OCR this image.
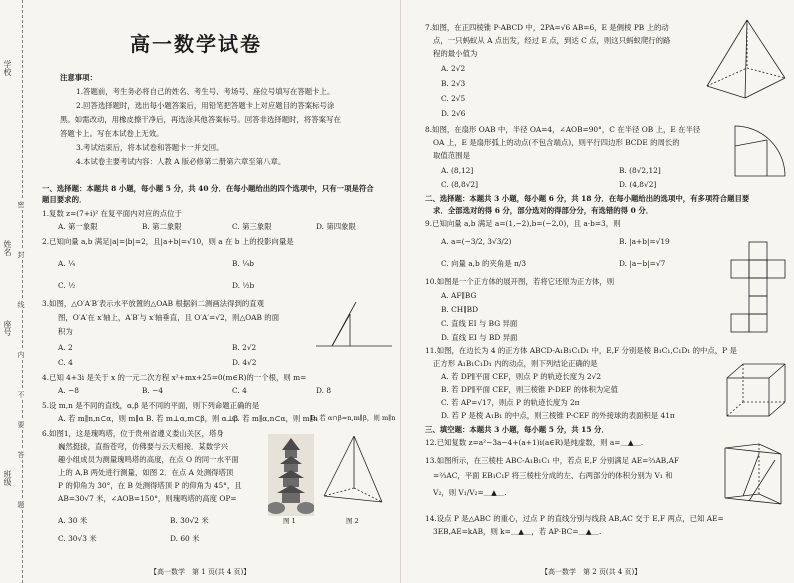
学校
姓名
座号
班级
密
封
线
内
不
要
答
题
高一数学试卷
注意事项：
1.答题前，考生务必将自己的姓名、考生号、考场号、座位号填写在答题卡上。
2.回答选择题时，选出每小题答案后，用铅笔把答题卡上对应题目的答案标号涂
黑。如需改动，用橡皮擦干净后，再选涂其他答案标号。回答非选择题时，将答案写在
答题卡上。写在本试卷上无效。
3.考试结束后，将本试卷和答题卡一并交回。
4.本试卷主要考试内容：人教 A 版必修第二册第六章至第八章。
一、选择题：本题共 8 小题，每小题 5 分，共 40 分．在每小题给出的四个选项中，只有一项是符合
题目要求的．
1.复数 z=(7+i)² 在复平面内对应的点位于
A. 第一象限	B. 第二象限	C. 第三象限	D. 第四象限
2.已知向量 a,b 满足|a|=|b|=2，且|a+b|=√10，则 a 在 b 上的投影向量是
A. ¼	B. ¼b
C. ½	D. ½b
3.如图，△O′A′B′表示水平放置的△OAB 根据斜二测画法得到的直观
图，O′A′在 x′轴上，A′B′与 x′轴垂直，且 O′A′=√2，则△OAB 的面
积为
A. 2	B. 2√2
C. 4	D. 4√2
4.已知 4+3i 是关于 x 的一元二次方程 x²+mx+25=0(m∈R)的一个根，则 m=
A. −8	B. −4	C. 4	D. 8
5.设 m,n 是不同的直线，α,β 是不同的平面，则下列命题正确的是
A. 若 m∥n,n⊂α，则 m∥α B. 若 m⊥α,m⊂β，则 α⊥β
C. 若 m∥α,n⊂α，则 m∥n
D. 若 α∩β=n,m∥β，则 m∥n
6.如图1，这是瑰鸣塔，位于贵州省遵义娄山关区，塔身
巍然挺拔，直指苍穹，仿佛要与云天相接．某数学兴
趣小组成员为测量瑰鸣塔的高度，在点 O 的同一水平面
上的 A,B 两处进行测量，如图 2．在点 A 处测得塔顶
P 的仰角为 30°，在 B 处测得塔顶 P 的仰角为 45°，且
AB=30√7 米，∠AOB=150°，则瑰鸣塔的高度 OP=
A. 30 米	B. 30√2 米
C. 30√3 米	D. 60 米
图 1	图 2
【高一数学　第 1 页(共 4 页)】
7.如图，在正四棱锥 P-ABCD 中，2PA=√6 AB=6，E 是侧棱 PB 上的动
点，一只蚂蚁从 A 点出发，经过 E 点，到达 C 点，则这只蚂蚁爬行的路
程的最小值为
A. 2√2
B. 2√3
C. 2√5
D. 2√6
8.如图，在扇形 OAB 中，半径 OA=4，∠AOB=90°，C 在半径 OB 上，E 在半径
OA 上，E 是扇形弧上的动点(不包含端点)，则平行四边形 BCDE 的周长的
取值范围是
A. (8,12]	B. (8√2,12]
C. (8,8√2]	D. (4,8√2]
二、选择题：本题共 3 小题，每小题 6 分，共 18 分．在每小题给出的选项中，有多项符合题目要
求．全部选对的得 6 分，部分选对的得部分分，有选错的得 0 分．
9.已知向量 a,b 满足 a=(1,−2),b=(−2,0)，且 a·b=3，则
A. a=(−3/2, 3√3/2)	B. |a+b|=√19
C. 向量 a,b 的夹角是 π/3	D. |a−b|=√7
10.如图是一个正方体的展开图，若将它还原为正方体，则
A. AF∥BG
B. CH∥BD
C. 直线 EI 与 BG 异面
D. 直线 EI 与 BD 异面
11.如图，在边长为 4 的正方体 ABCD-A₁B₁C₁D₁ 中，E,F 分别是棱 B₁C₁,C₁D₁ 的中点，P 是
正方形 A₁B₁C₁D₁ 内的动点，则下列结论正确的是
A. 若 DP∥平面 CEF，则点 P 的轨迹长度为 2√2
B. 若 DP∥平面 CEF，则三棱锥 P-DEF 的体积为定值
C. 若 AP=√17，则点 P 的轨迹长度为 2π
D. 若 P 是棱 A₁B₁ 的中点，则三棱锥 P-CEF 的外接球的表面积是 41π
三、填空题：本题共 3 小题，每小题 5 分，共 15 分．
12.已知复数 z=a²−3a−4+(a+1)i(a∈R)是纯虚数，则 a=＿▲＿.
13.如图所示，在三棱柱 ABC-A₁B₁C₁ 中，若点 E,F 分别满足 AE=⅔AB,AF
=⅔AC，平面 EB₁C₁F 将三棱柱分成的左、右两部分的体积分别为 V₁ 和
V₂，则 V₁/V₂=＿▲＿.
14.设点 P 是△ABC 的重心，过点 P 的直线分别与线段 AB,AC 交于 E,F 两点，已知 AE=
3EB,AE=kAB，则 k=＿▲＿，若 AP·BC=＿▲＿.
【高一数学　第 2 页(共 4 页)】
